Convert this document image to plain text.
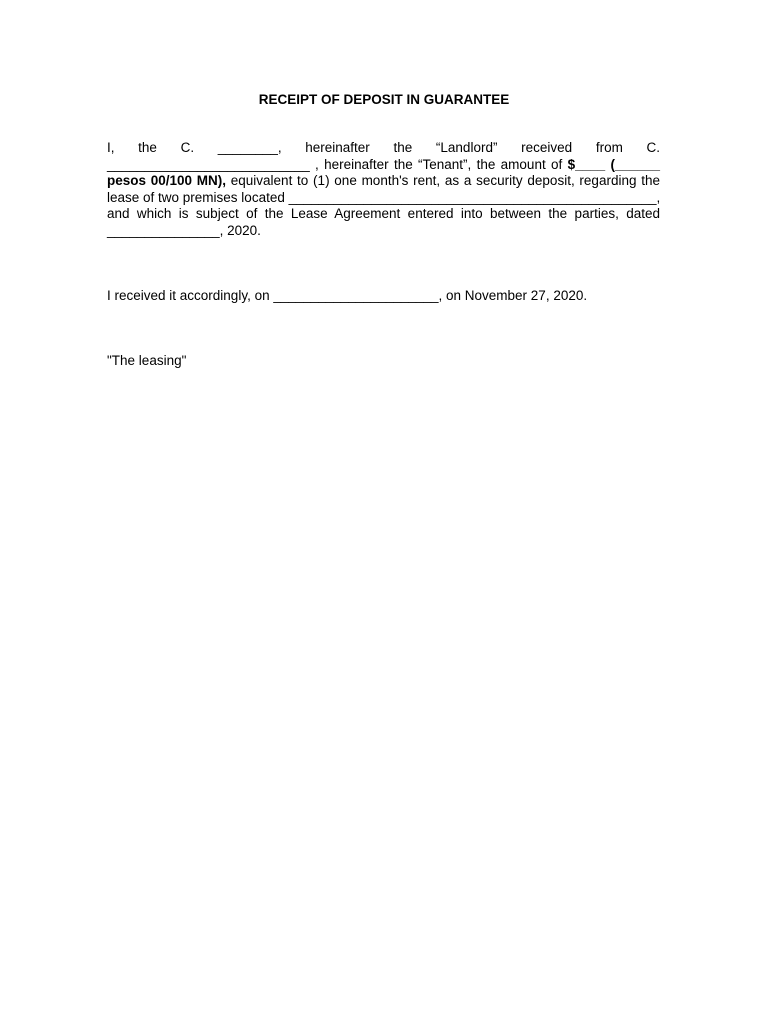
RECEIPT OF DEPOSIT IN GUARANTEE
I, the C. ________, hereinafter the “Landlord” received from C.
___________________________ , hereinafter the “Tenant”, the amount of $____ (______
pesos 00/100 MN), equivalent to (1) one month's rent, as a security deposit, regarding the
lease of two premises located _________________________________________________,
and which is subject of the Lease Agreement entered into between the parties, dated
_______________, 2020.
I received it accordingly, on ______________________, on November 27, 2020.
"The leasing"
